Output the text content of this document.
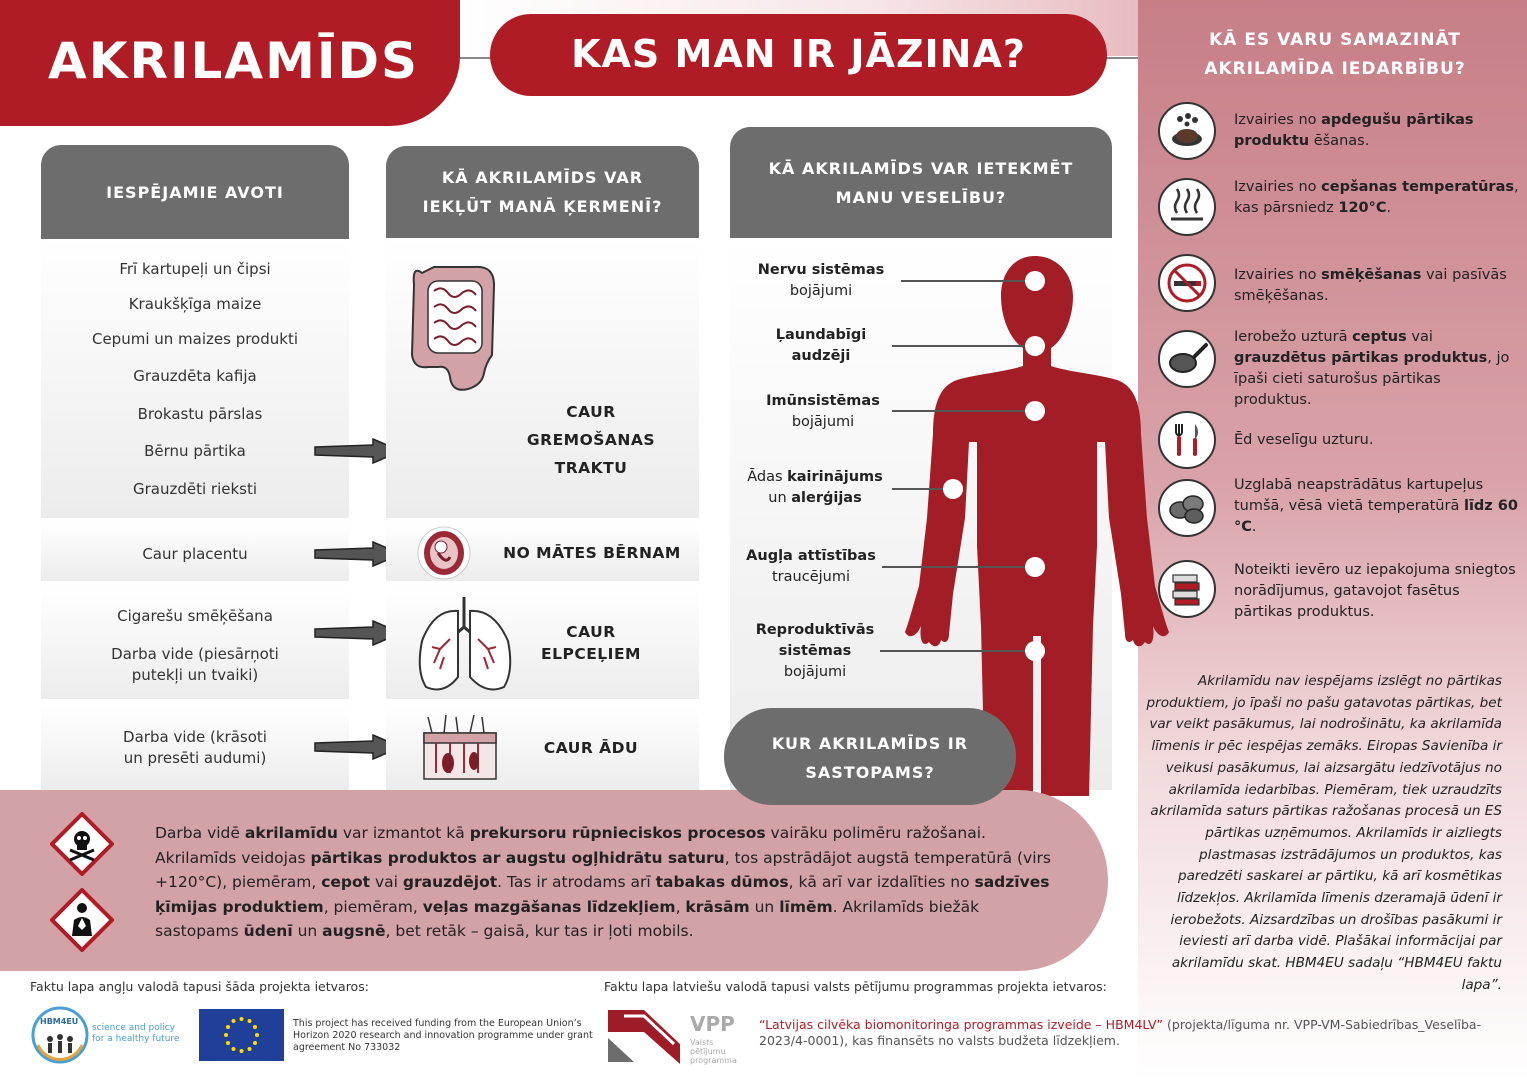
AKRILAMĪDS	KAS MAN IR JĀZINA?	KĀ ES VARU SAMAZINĀT
AKRILAMĪDA IEDARBĪBU?
Izvairies no apdegušu pārtikas produktu ēšanas.
Izvairies no cepšanas temperatūras, kas pārsniedz 120°C.
Izvairies no smēķēšanas vai pasīvās smēķēšanas.
Ierobežo uzturā ceptus vai grauzdētus pārtikas produktus, jo īpaši cieti saturošus pārtikas produktus.
Ēd veselīgu uzturu.
Uzglabā neapstrādātus kartupeļus tumšā, vēsā vietā temperatūrā līdz 60 °C.
Noteikti ievēro uz iepakojuma sniegtos norādījumus, gatavojot fasētus pārtikas produktus.
Akrilamīdu nav iespējams izslēgt no pārtikas produktiem, jo īpaši no pašu gatavotas pārtikas, bet var veikt pasākumus, lai nodrošinātu, ka akrilamīda līmenis ir pēc iespējas zemāks. Eiropas Savienība ir veikusi pasākumus, lai aizsargātu iedzīvotājus no akrilamīda iedarbības. Piemēram, tiek uzraudzīts akrilamīda saturs pārtikas ražošanas procesā un ES pārtikas uzņēmumos. Akrilamīds ir aizliegts plastmasas izstrādājumos un produktos, kas paredzēti saskarei ar pārtiku, kā arī kosmētikas līdzekļos. Akrilamīda līmenis dzeramajā ūdenī ir ierobežots. Aizsardzības un drošības pasākumi ir ieviesti arī darba vidē. Plašākai informācijai par akrilamīdu skat. HBM4EU sadaļu “HBM4EU faktu lapa”.
IESPĒJAMIE AVOTI
Frī kartupeļi un čipsi
Kraukšķīga maize
Cepumi un maizes produkti
Grauzdēta kafija
Brokastu pārslas
Bērnu pārtika
Grauzdēti rieksti
Caur placentu
Cigarešu smēķēšana
Darba vide (piesārņoti
putekļi un tvaiki)
Darba vide (krāsoti
un presēti audumi)
KĀ AKRILAMĪDS VAR
IEKĻŪT MANĀ ĶERMENĪ?
CAUR
GREMOŠANAS
TRAKTU
NO MĀTES BĒRNAM
CAUR
ELPCEĻIEM
CAUR ĀDU
KĀ AKRILAMĪDS VAR IETEKMĒT
MANU VESELĪBU?
Nervu sistēmas
bojājumi
Ļaundabīgi
audzēji
Imūnsistēmas
bojājumi
Ādas kairinājums
un alerģijas
Augļa attīstības
traucējumi
Reproduktīvās
sistēmas
bojājumi
KUR AKRILAMĪDS IR
SASTOPAMS?
Darba vidē akrilamīdu var izmantot kā prekursoru rūpnieciskos procesos vairāku polimēru ražošanai. Akrilamīds veidojas pārtikas produktos ar augstu ogļhidrātu saturu, tos apstrādājot augstā temperatūrā (virs +120°C), piemēram, cepot vai grauzdējot. Tas ir atrodams arī tabakas dūmos, kā arī var izdalīties no sadzīves ķīmijas produktiem, piemēram, veļas mazgāšanas līdzekļiem, krāsām un līmēm. Akrilamīds biežāk sastopams ūdenī un augsnē, bet retāk – gaisā, kur tas ir ļoti mobils.
Faktu lapa angļu valodā tapusi šāda projekta ietvaros:	Faktu lapa latviešu valodā tapusi valsts pētījumu programmas projekta ietvaros:
HBM4EU
science and policy for a healthy future
This project has received funding from the European Union’s Horizon 2020 research and innovation programme under grant agreement No 733032
VPP
Valsts pētījumu programma
“Latvijas cilvēka biomonitoringa programmas izveide – HBM4LV” (projekta/līguma nr. VPP-VM-Sabiedrības_Veselība-2023/4-0001), kas finansēts no valsts budžeta līdzekļiem.
